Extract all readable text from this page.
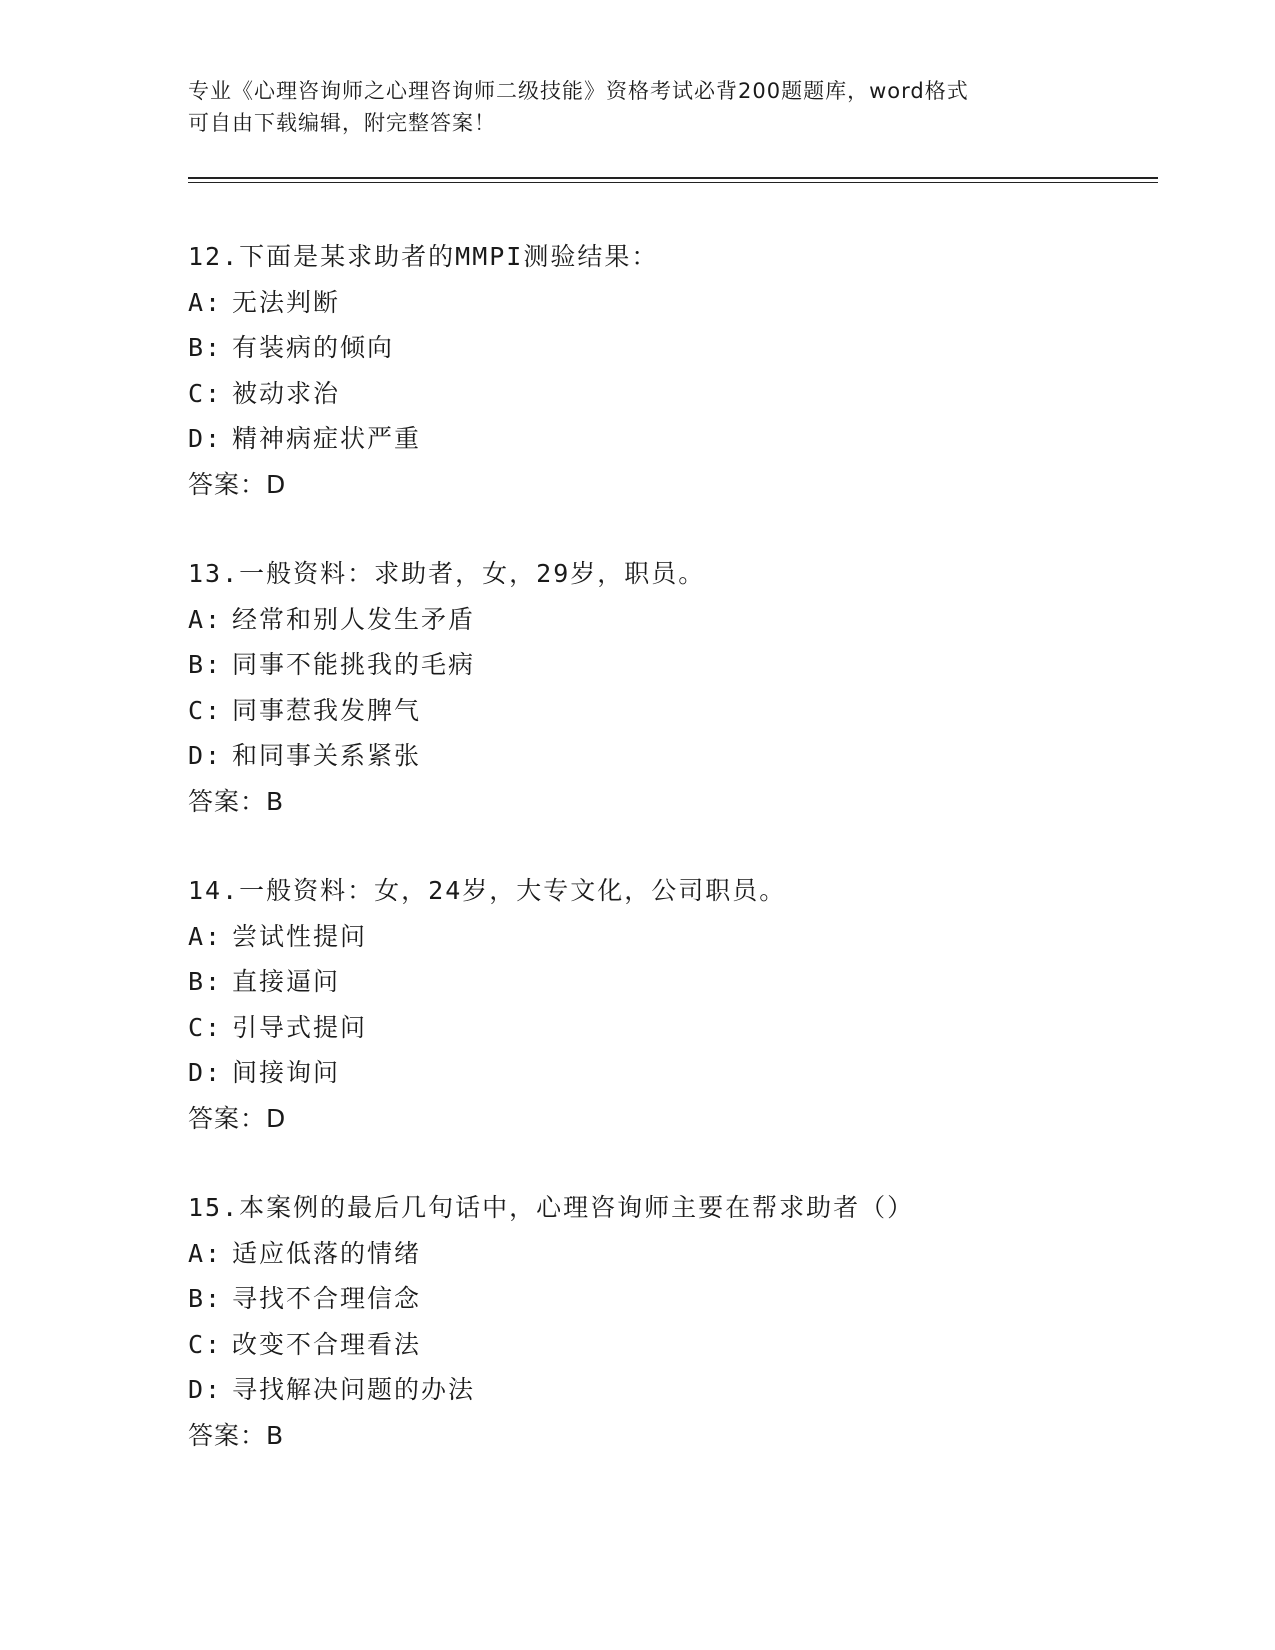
专业《心理咨询师之心理咨询师二级技能》资格考试必背200题题库，word格式
可自由下载编辑，附完整答案！
12.下面是某求助者的MMPI测验结果：
A: 无法判断
B: 有装病的倾向
C: 被动求治
D: 精神病症状严重
答案：D
13.一般资料：求助者，女，29岁，职员。
A: 经常和别人发生矛盾
B: 同事不能挑我的毛病
C: 同事惹我发脾气
D: 和同事关系紧张
答案：B
14.一般资料：女，24岁，大专文化，公司职员。
A: 尝试性提问
B: 直接逼问
C: 引导式提问
D: 间接询问
答案：D
15.本案例的最后几句话中，心理咨询师主要在帮求助者（）
A: 适应低落的情绪
B: 寻找不合理信念
C: 改变不合理看法
D: 寻找解决问题的办法
答案：B
